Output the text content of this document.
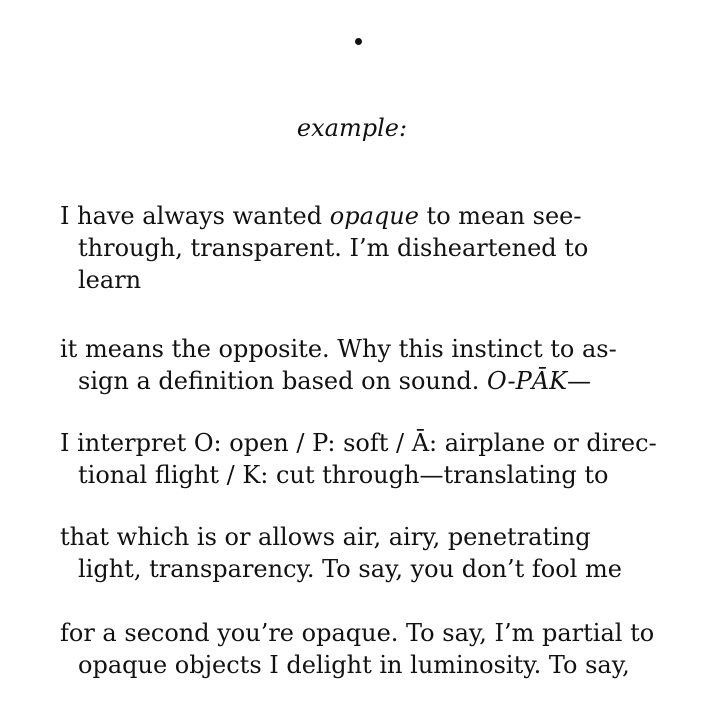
example:
I have always wanted opaque to mean see-
through, transparent. I’m disheartened to
learn
it means the opposite. Why this instinct to as-
sign a definition based on sound. O-PĀK—
I interpret O: open / P: soft / Ā: airplane or direc-
tional flight / K: cut through—translating to
that which is or allows air, airy, penetrating
light, transparency. To say, you don’t fool me
for a second you’re opaque. To say, I’m partial to
opaque objects I delight in luminosity. To say,
